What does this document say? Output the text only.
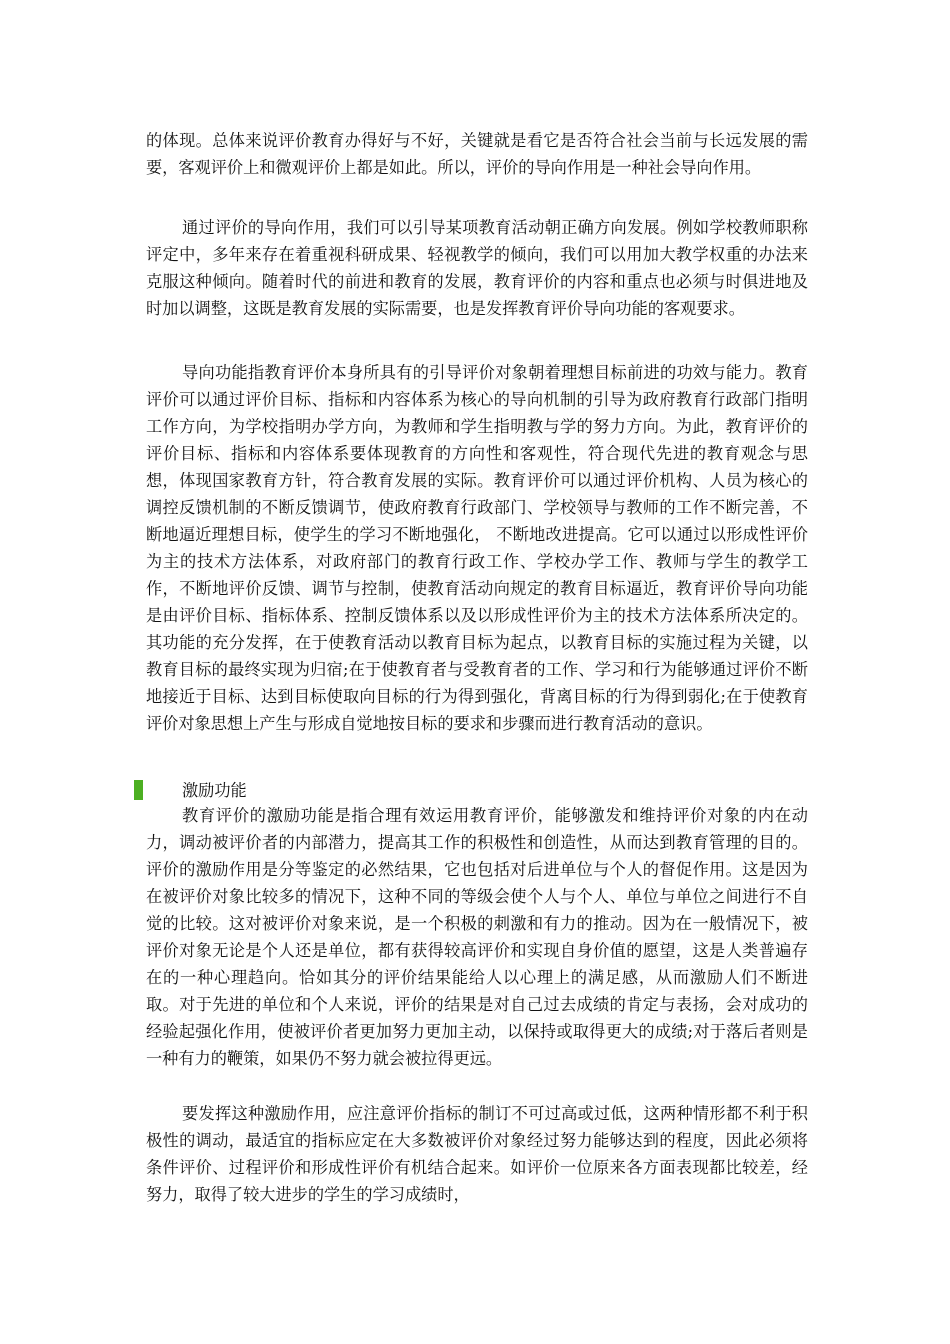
的体现。总体来说评价教育办得好与不好，关键就是看它是否符合社会当前与长远发展的需要，客观评价上和微观评价上都是如此。所以，评价的导向作用是一种社会导向作用。

通过评价的导向作用，我们可以引导某项教育活动朝正确方向发展。例如学校教师职称评定中，多年来存在着重视科研成果、轻视教学的倾向，我们可以用加大教学权重的办法来克服这种倾向。随着时代的前进和教育的发展，教育评价的内容和重点也必须与时俱进地及时加以调整，这既是教育发展的实际需要，也是发挥教育评价导向功能的客观要求。

导向功能指教育评价本身所具有的引导评价对象朝着理想目标前进的功效与能力。教育评价可以通过评价目标、指标和内容体系为核心的导向机制的引导为政府教育行政部门指明工作方向，为学校指明办学方向，为教师和学生指明教与学的努力方向。为此，教育评价的评价目标、指标和内容体系要体现教育的方向性和客观性，符合现代先进的教育观念与思想，体现国家教育方针，符合教育发展的实际。教育评价可以通过评价机构、人员为核心的调控反馈机制的不断反馈调节，使政府教育行政部门、学校领导与教师的工作不断完善，不断地逼近理想目标，使学生的学习不断地强化， 不断地改进提高。它可以通过以形成性评价为主的技术方法体系，对政府部门的教育行政工作、学校办学工作、教师与学生的教学工作，不断地评价反馈、调节与控制，使教育活动向规定的教育目标逼近，教育评价导向功能是由评价目标、指标体系、控制反馈体系以及以形成性评价为主的技术方法体系所决定的。其功能的充分发挥，在于使教育活动以教育目标为起点，以教育目标的实施过程为关键，以教育目标的最终实现为归宿;在于使教育者与受教育者的工作、学习和行为能够通过评价不断地接近于目标、达到目标使取向目标的行为得到强化，背离目标的行为得到弱化;在于使教育评价对象思想上产生与形成自觉地按目标的要求和步骤而进行教育活动的意识。

激励功能

教育评价的激励功能是指合理有效运用教育评价，能够激发和维持评价对象的内在动力，调动被评价者的内部潜力，提高其工作的积极性和创造性，从而达到教育管理的目的。评价的激励作用是分等鉴定的必然结果，它也包括对后进单位与个人的督促作用。这是因为在被评价对象比较多的情况下，这种不同的等级会使个人与个人、单位与单位之间进行不自觉的比较。这对被评价对象来说，是一个积极的刺激和有力的推动。因为在一般情况下，被评价对象无论是个人还是单位，都有获得较高评价和实现自身价值的愿望，这是人类普遍存在的一种心理趋向。恰如其分的评价结果能给人以心理上的满足感，从而激励人们不断进取。对于先进的单位和个人来说，评价的结果是对自己过去成绩的肯定与表扬，会对成功的经验起强化作用，使被评价者更加努力更加主动，以保持或取得更大的成绩;对于落后者则是一种有力的鞭策，如果仍不努力就会被拉得更远。

要发挥这种激励作用，应注意评价指标的制订不可过高或过低，这两种情形都不利于积极性的调动，最适宜的指标应定在大多数被评价对象经过努力能够达到的程度，因此必须将条件评价、过程评价和形成性评价有机结合起来。如评价一位原来各方面表现都比较差，经努力，取得了较大进步的学生的学习成绩时，
